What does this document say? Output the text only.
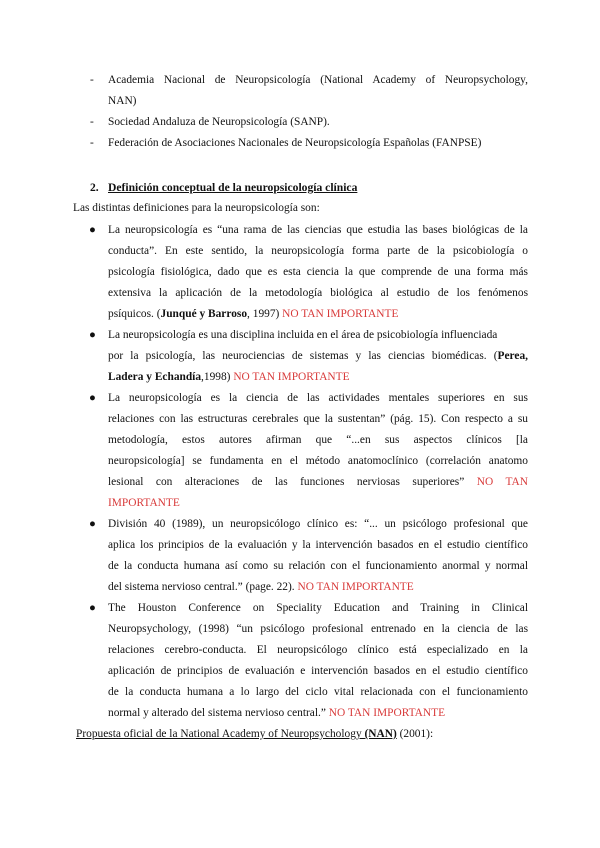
- Academia Nacional de Neuropsicología (National Academy of Neuropsychology,
NAN)
- Sociedad Andaluza de Neuropsicología (SANP).
- Federación de Asociaciones Nacionales de Neuropsicología Españolas (FANPSE)
2. Definición conceptual de la neuropsicología clínica
Las distintas definiciones para la neuropsicología son:
● La neuropsicología es “una rama de las ciencias que estudia las bases biológicas de la
conducta”. En este sentido, la neuropsicología forma parte de la psicobiología o
psicología fisiológica, dado que es esta ciencia la que comprende de una forma más
extensiva la aplicación de la metodología biológica al estudio de los fenómenos
psíquicos. (Junqué y Barroso, 1997) NO TAN IMPORTANTE
● La neuropsicología es una disciplina incluida en el área de psicobiología influenciada
por la psicología, las neurociencias de sistemas y las ciencias biomédicas. (Perea,
Ladera y Echandía,1998) NO TAN IMPORTANTE
● La neuropsicología es la ciencia de las actividades mentales superiores en sus
relaciones con las estructuras cerebrales que la sustentan” (pág. 15). Con respecto a su
metodología, estos autores afirman que “...en sus aspectos clínicos [la
neuropsicología] se fundamenta en el método anatomoclínico (correlación anatomo
lesional con alteraciones de las funciones nerviosas superiores” NO TAN
IMPORTANTE
● División 40 (1989), un neuropsicólogo clínico es: “... un psicólogo profesional que
aplica los principios de la evaluación y la intervención basados en el estudio científico
de la conducta humana así como su relación con el funcionamiento anormal y normal
del sistema nervioso central.” (page. 22). NO TAN IMPORTANTE
● The Houston Conference on Speciality Education and Training in Clinical
Neuropsychology, (1998) “un psicólogo profesional entrenado en la ciencia de las
relaciones cerebro-conducta. El neuropsicólogo clínico está especializado en la
aplicación de principios de evaluación e intervención basados en el estudio científico
de la conducta humana a lo largo del ciclo vital relacionada con el funcionamiento
normal y alterado del sistema nervioso central.” NO TAN IMPORTANTE
Propuesta oficial de la National Academy of Neuropsychology (NAN) (2001):
